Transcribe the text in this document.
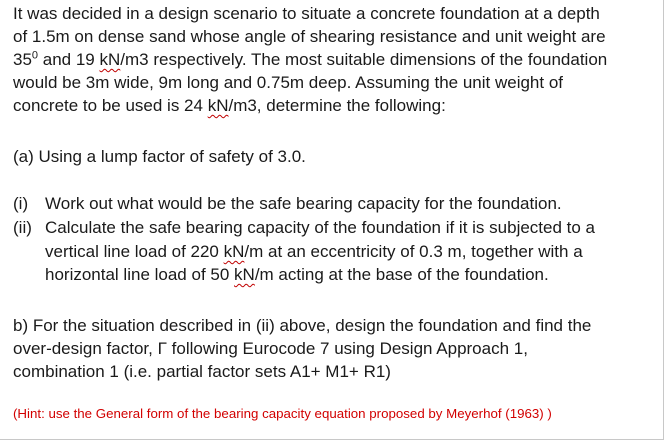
It was decided in a design scenario to situate a concrete foundation at a depth
of 1.5m on dense sand whose angle of shearing resistance and unit weight are
$35^0$ and 19 kN/m3 respectively. The most suitable dimensions of the foundation
would be 3m wide, 9m long and 0.75m deep. Assuming the unit weight of
concrete to be used is 24 kN/m3, determine the following:
(a) Using a lump factor of safety of 3.0.
(i) Work out what would be the safe bearing capacity for the foundation.
(ii) Calculate the safe bearing capacity of the foundation if it is subjected to a
vertical line load of 220 kN/m at an eccentricity of 0.3 m, together with a
horizontal line load of 50 kN/m acting at the base of the foundation.
b) For the situation described in (ii) above, design the foundation and find the
over-design factor, Γ following Eurocode 7 using Design Approach 1,
combination 1 (i.e. partial factor sets A1+ M1+ R1)
(Hint: use the General form of the bearing capacity equation proposed by Meyerhof (1963) )
